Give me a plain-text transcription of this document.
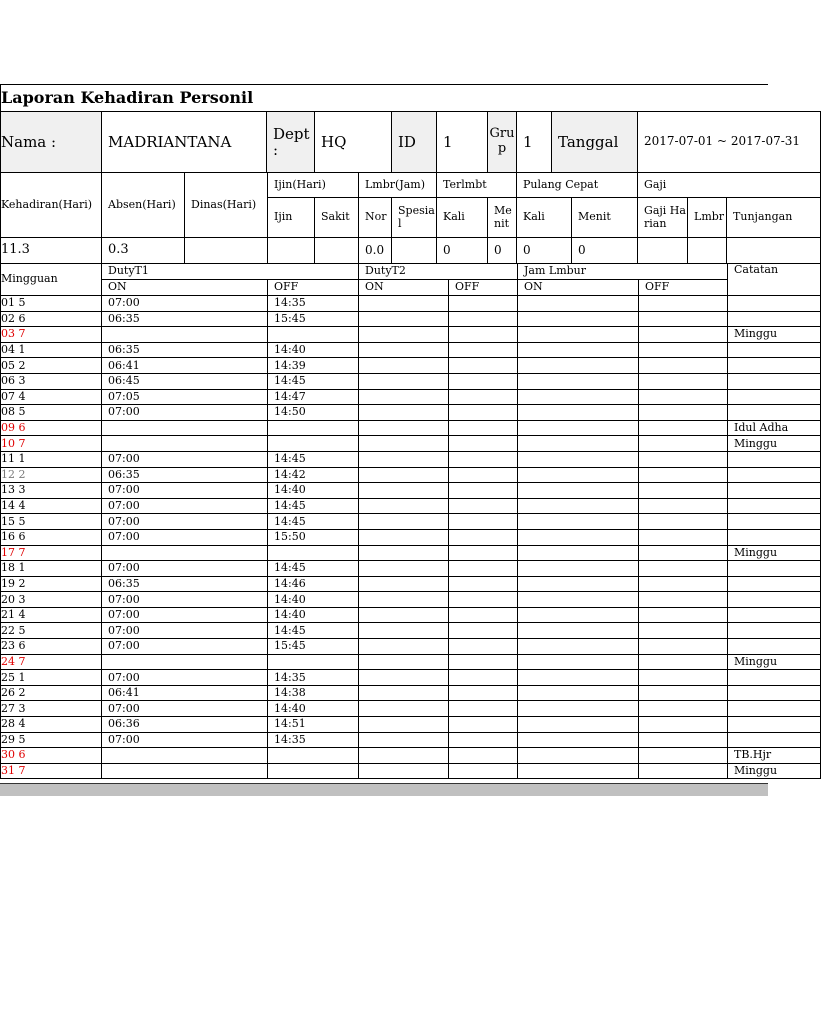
Laporan Kehadiran Personil
Nama :	MADRIANTANA	Dept :	HQ	ID	1	Grup	1	Tanggal	2017-07-01 ~ 2017-07-31
Kehadiran(Hari)	Absen(Hari)	Dinas(Hari)	Ijin(Hari)		Lmbr(Jam)		Terlmbt		Pulang Cepat		Gaji		
			Ijin	Sakit	Nor	Spesial	Kali	Menit	Kali	Menit	Gaji Harian	Lmbr	Tunjangan
11.3	0.3				0.0		0	0	0	0			
Mingguan	DutyT1		DutyT2		Jam Lmbur		Catatan
	ON	OFF	ON	OFF	ON	OFF	
01 5	07:00	14:35					
02 6	06:35	15:45					
03 7							Minggu
04 1	06:35	14:40					
05 2	06:41	14:39					
06 3	06:45	14:45					
07 4	07:05	14:47					
08 5	07:00	14:50					
09 6							Idul Adha
10 7							Minggu
11 1	07:00	14:45					
12 2	06:35	14:42					
13 3	07:00	14:40					
14 4	07:00	14:45					
15 5	07:00	14:45					
16 6	07:00	15:50					
17 7							Minggu
18 1	07:00	14:45					
19 2	06:35	14:46					
20 3	07:00	14:40					
21 4	07:00	14:40					
22 5	07:00	14:45					
23 6	07:00	15:45					
24 7							Minggu
25 1	07:00	14:35					
26 2	06:41	14:38					
27 3	07:00	14:40					
28 4	06:36	14:51					
29 5	07:00	14:35					
30 6							TB.Hjr
31 7							Minggu
